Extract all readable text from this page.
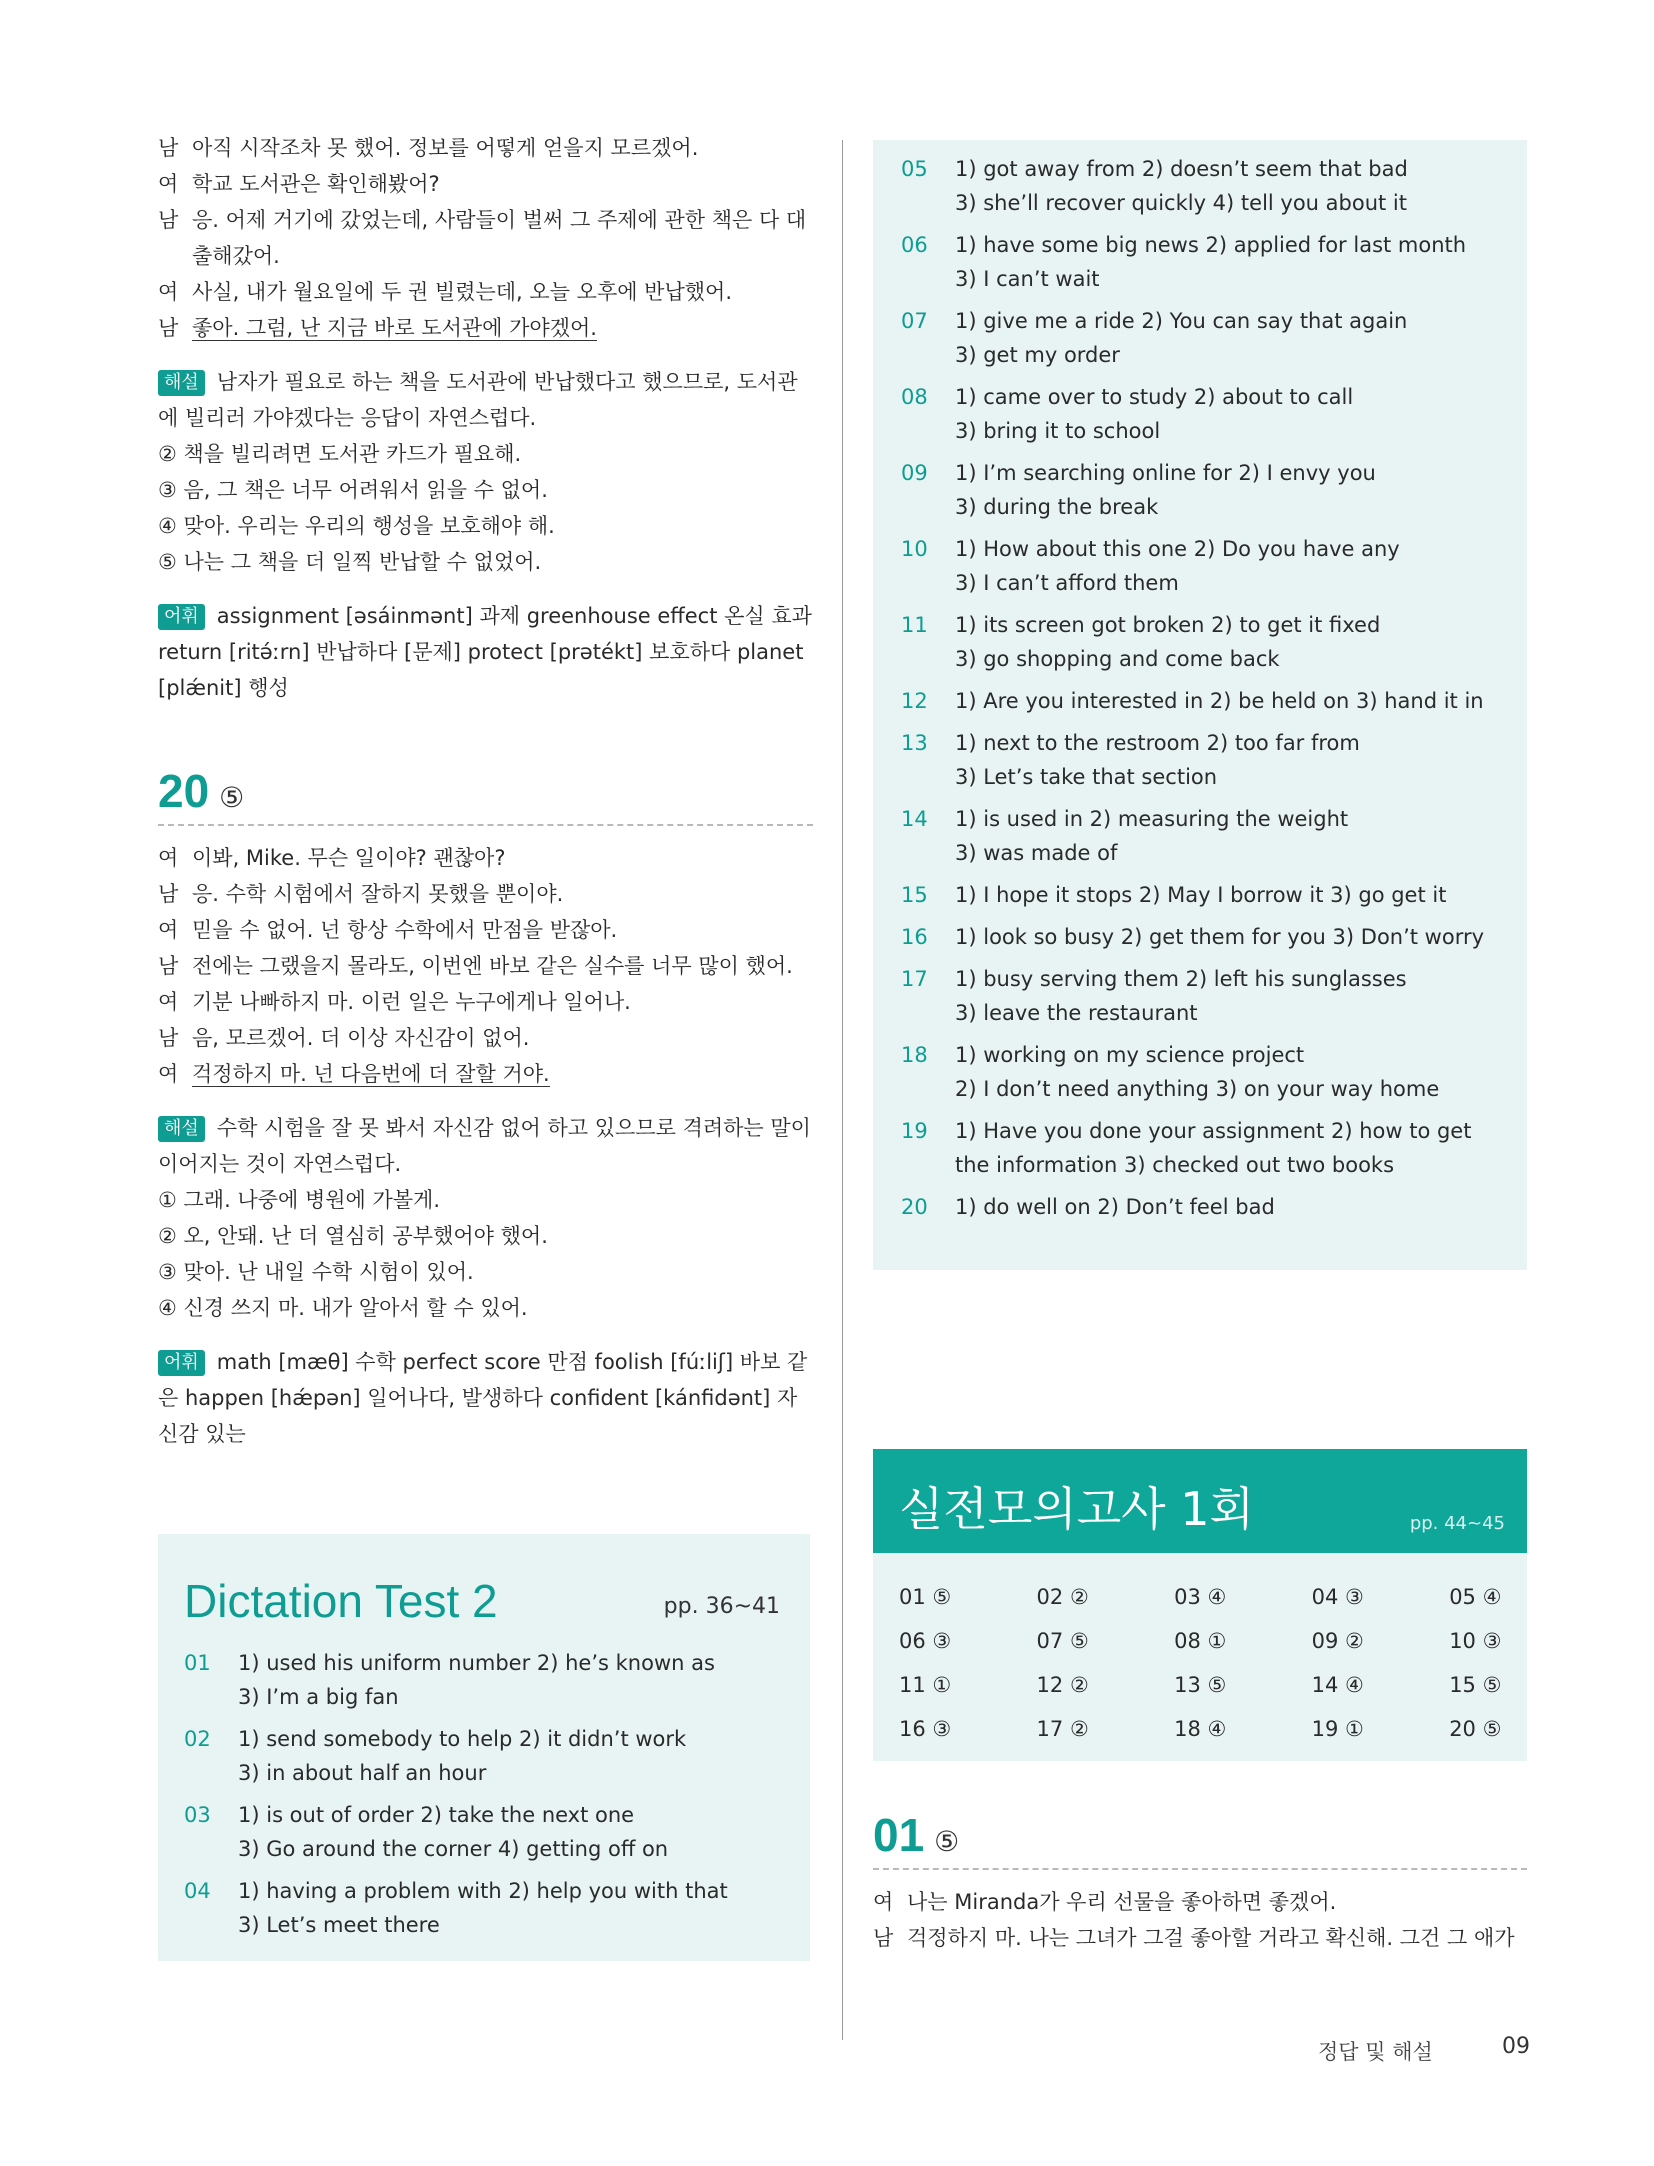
남 아직 시작조차 못 했어. 정보를 어떻게 얻을지 모르겠어.
여 학교 도서관은 확인해봤어?
남 응. 어제 거기에 갔었는데, 사람들이 벌써 그 주제에 관한 책은 다 대출해갔어.
여 사실, 내가 월요일에 두 권 빌렸는데, 오늘 오후에 반납했어.
남 좋아. 그럼, 난 지금 바로 도서관에 가야겠어.
해설 남자가 필요로 하는 책을 도서관에 반납했다고 했으므로, 도서관에 빌리러 가야겠다는 응답이 자연스럽다.
② 책을 빌리려면 도서관 카드가 필요해.
③ 음, 그 책은 너무 어려워서 읽을 수 없어.
④ 맞아. 우리는 우리의 행성을 보호해야 해.
⑤ 나는 그 책을 더 일찍 반납할 수 없었어.
어휘 assignment [əsáinmənt] 과제 greenhouse effect 온실 효과 return [ritə́ːrn] 반납하다 [문제] protect [prətékt] 보호하다 planet [plǽnit] 행성
20 ⑤
여 이봐, Mike. 무슨 일이야? 괜찮아?
남 응. 수학 시험에서 잘하지 못했을 뿐이야.
여 믿을 수 없어. 넌 항상 수학에서 만점을 받잖아.
남 전에는 그랬을지 몰라도, 이번엔 바보 같은 실수를 너무 많이 했어.
여 기분 나빠하지 마. 이런 일은 누구에게나 일어나.
남 음, 모르겠어. 더 이상 자신감이 없어.
여 걱정하지 마. 넌 다음번에 더 잘할 거야.
해설 수학 시험을 잘 못 봐서 자신감 없어 하고 있으므로 격려하는 말이 이어지는 것이 자연스럽다.
① 그래. 나중에 병원에 가볼게.
② 오, 안돼. 난 더 열심히 공부했어야 했어.
③ 맞아. 난 내일 수학 시험이 있어.
④ 신경 쓰지 마. 내가 알아서 할 수 있어.
어휘 math [mæθ] 수학 perfect score 만점 foolish [fúːliʃ] 바보 같은 happen [hǽpən] 일어나다, 발생하다 confident [kánfidənt] 자신감 있는
Dictation Test 2	pp. 36~41
01	1) used his uniform number 2) he’s known as
3) I’m a big fan
02	1) send somebody to help 2) it didn’t work
3) in about half an hour
03	1) is out of order 2) take the next one
3) Go around the corner 4) getting off on
04	1) having a problem with 2) help you with that
3) Let’s meet there
05	1) got away from 2) doesn’t seem that bad
3) she’ll recover quickly 4) tell you about it
06	1) have some big news 2) applied for last month
3) I can’t wait
07	1) give me a ride 2) You can say that again
3) get my order
08	1) came over to study 2) about to call
3) bring it to school
09	1) I’m searching online for 2) I envy you
3) during the break
10	1) How about this one 2) Do you have any
3) I can’t afford them
11	1) its screen got broken 2) to get it fixed
3) go shopping and come back
12	1) Are you interested in 2) be held on 3) hand it in
13	1) next to the restroom 2) too far from
3) Let’s take that section
14	1) is used in 2) measuring the weight
3) was made of
15	1) I hope it stops 2) May I borrow it 3) go get it
16	1) look so busy 2) get them for you 3) Don’t worry
17	1) busy serving them 2) left his sunglasses
3) leave the restaurant
18	1) working on my science project
2) I don’t need anything 3) on your way home
19	1) Have you done your assignment 2) how to get
the information 3) checked out two books
20	1) do well on 2) Don’t feel bad
실전모의고사 1회	pp. 44~45
01 ⑤	02 ②	03 ④	04 ③	05 ④
06 ③	07 ⑤	08 ①	09 ②	10 ③
11 ①	12 ②	13 ⑤	14 ④	15 ⑤
16 ③	17 ②	18 ④	19 ①	20 ⑤
01 ⑤
여 나는 Miranda가 우리 선물을 좋아하면 좋겠어.
남 걱정하지 마. 나는 그녀가 그걸 좋아할 거라고 확신해. 그건 그 애가
정답 및 해설	09
